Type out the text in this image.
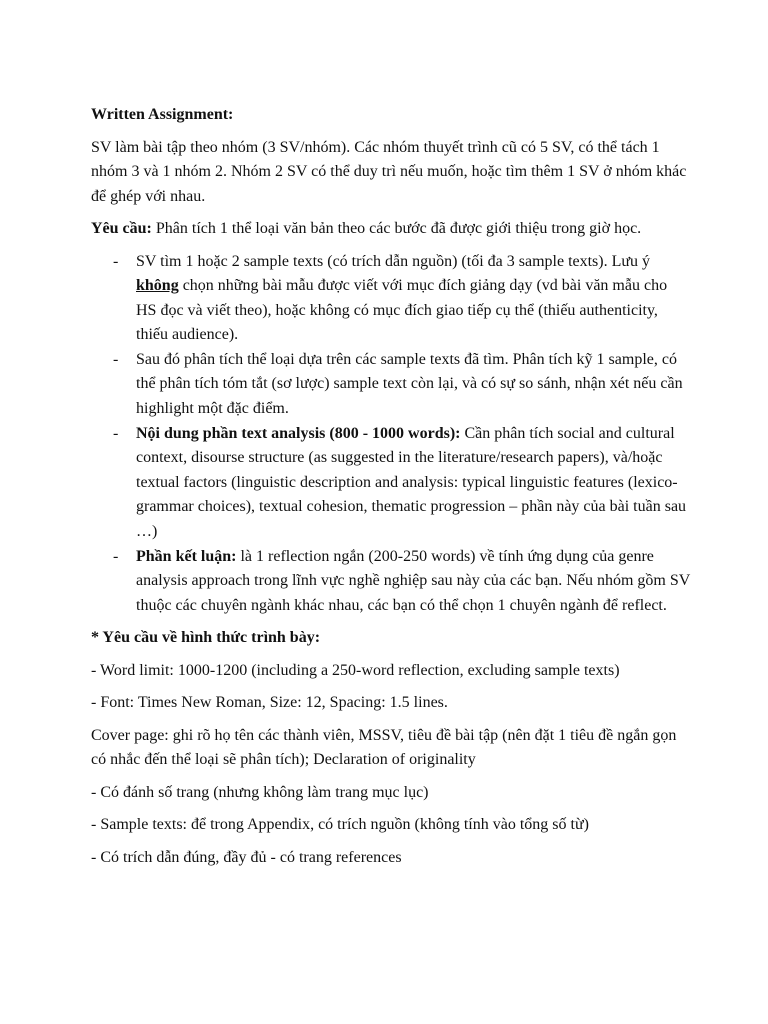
Written Assignment:

SV làm bài tập theo nhóm (3 SV/nhóm). Các nhóm thuyết trình cũ có 5 SV, có thể tách 1 nhóm 3 và 1 nhóm 2. Nhóm 2 SV có thể duy trì nếu muốn, hoặc tìm thêm 1 SV ở nhóm khác để ghép với nhau.

Yêu cầu: Phân tích 1 thể loại văn bản theo các bước đã được giới thiệu trong giờ học.

- SV tìm 1 hoặc 2 sample texts (có trích dẫn nguồn) (tối đa 3 sample texts). Lưu ý không chọn những bài mẫu được viết với mục đích giảng dạy (vd bài văn mẫu cho HS đọc và viết theo), hoặc không có mục đích giao tiếp cụ thể (thiếu authenticity, thiếu audience).
- Sau đó phân tích thể loại dựa trên các sample texts đã tìm. Phân tích kỹ 1 sample, có thể phân tích tóm tắt (sơ lược) sample text còn lại, và có sự so sánh, nhận xét nếu cần highlight một đặc điểm.
- Nội dung phần text analysis (800 - 1000 words): Cần phân tích social and cultural context, disourse structure (as suggested in the literature/research papers), và/hoặc textual factors (linguistic description and analysis: typical linguistic features (lexico-grammar choices), textual cohesion, thematic progression – phần này của bài tuần sau …)
- Phần kết luận: là 1 reflection ngắn (200-250 words) về tính ứng dụng của genre analysis approach trong lĩnh vực nghề nghiệp sau này của các bạn. Nếu nhóm gồm SV thuộc các chuyên ngành khác nhau, các bạn có thể chọn 1 chuyên ngành để reflect.

* Yêu cầu về hình thức trình bày:

- Word limit: 1000-1200 (including a 250-word reflection, excluding sample texts)

- Font: Times New Roman, Size: 12, Spacing: 1.5 lines.

Cover page: ghi rõ họ tên các thành viên, MSSV, tiêu đề bài tập (nên đặt 1 tiêu đề ngắn gọn có nhắc đến thể loại sẽ phân tích); Declaration of originality

- Có đánh số trang (nhưng không làm trang mục lục)

- Sample texts: để trong Appendix, có trích nguồn (không tính vào tổng số từ)

- Có trích dẫn đúng, đầy đủ - có trang references
